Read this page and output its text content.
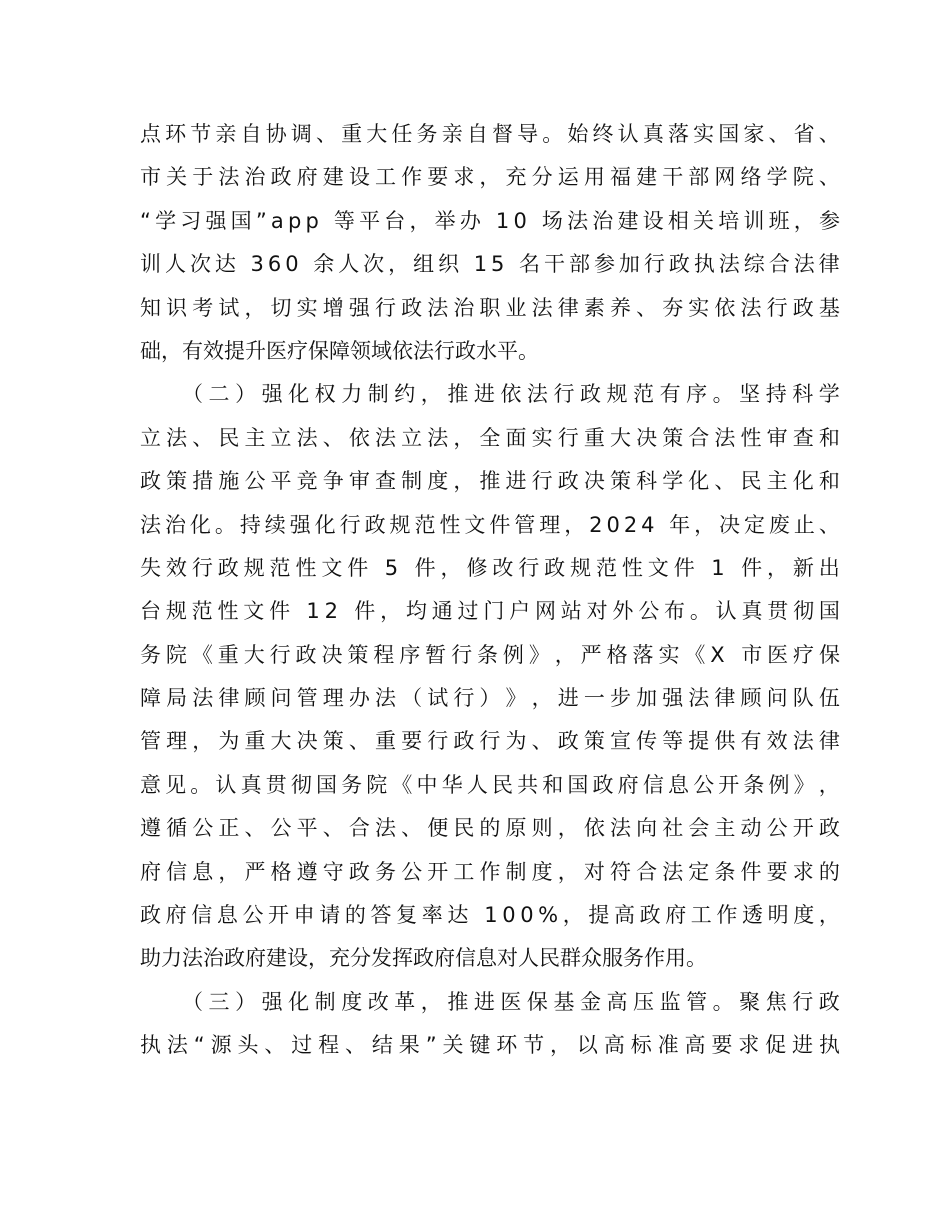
点 环 节 亲 自 协 调 、 重 大 任 务 亲 自 督 导 。 始 终 认 真 落 实 国 家 、 省 、
市 关 于 法 治 政 府 建 设 工 作 要 求 ， 充 分 运 用 福 建 干 部 网 络 学 院 、
“ 学 习 强 国 ” a p p
等 平 台 ， 举 办
1 0
场 法 治 建 设 相 关 培 训 班 ， 参
训 人 次 达
3 6 0
余 人 次 ， 组 织
1 5
名 干 部 参 加 行 政 执 法 综 合 法 律
知 识 考 试 ， 切 实 增 强 行 政 法 治 职 业 法 律 素 养 、 夯 实 依 法 行 政 基
础，有效提升医疗保障领域依法行政水平。
（ 二 ） 强 化 权 力 制 约 ， 推 进 依 法 行 政 规 范 有 序 。 坚 持 科 学
立 法 、 民 主 立 法 、 依 法 立 法 ， 全 面 实 行 重 大 决 策 合 法 性 审 查 和
政 策 措 施 公 平 竞 争 审 查 制 度 ， 推 进 行 政 决 策 科 学 化 、 民 主 化 和
法 治 化 。 持 续 强 化 行 政 规 范 性 文 件 管 理 ， 2 0 2 4
年 ， 决 定 废 止 、
失 效 行 政 规 范 性 文 件
5
件 ， 修 改 行 政 规 范 性 文 件
1
件 ， 新 出
台 规 范 性 文 件
1 2
件 ， 均 通 过 门 户 网 站 对 外 公 布 。 认 真 贯 彻 国
务 院 《 重 大 行 政 决 策 程 序 暂 行 条 例 》 ， 严 格 落 实 《 X
市 医 疗 保
障 局 法 律 顾 问 管 理 办 法 （ 试 行 ） 》 ， 进 一 步 加 强 法 律 顾 问 队 伍
管 理 ， 为 重 大 决 策 、 重 要 行 政 行 为 、 政 策 宣 传 等 提 供 有 效 法 律
意 见 。 认 真 贯 彻 国 务 院 《 中 华 人 民 共 和 国 政 府 信 息 公 开 条 例 》 ，
遵 循 公 正 、 公 平 、 合 法 、 便 民 的 原 则 ， 依 法 向 社 会 主 动 公 开 政
府 信 息 ， 严 格 遵 守 政 务 公 开 工 作 制 度 ， 对 符 合 法 定 条 件 要 求 的
政 府 信 息 公 开 申 请 的 答 复 率 达
1 0 0 % ， 提 高 政 府 工 作 透 明 度 ，
助力法治政府建设，充分发挥政府信息对人民群众服务作用。
（ 三 ） 强 化 制 度 改 革 ， 推 进 医 保 基 金 高 压 监 管 。 聚 焦 行 政
执 法 “ 源 头 、 过 程 、 结 果 ” 关 键 环 节 ， 以 高 标 准 高 要 求 促 进 执
